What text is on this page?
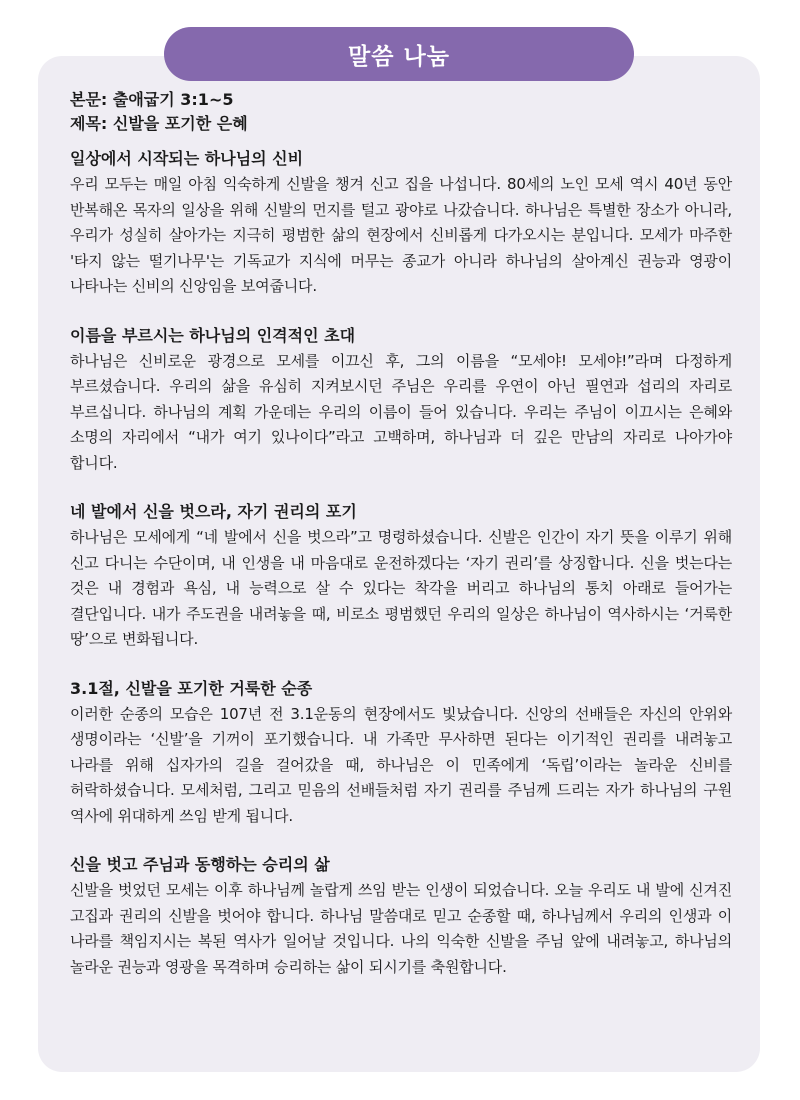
말씀 나눔

본문: 출애굽기 3:1~5

제목: 신발을 포기한 은혜

일상에서 시작되는 하나님의 신비

우리 모두는 매일 아침 익숙하게 신발을 챙겨 신고 집을 나섭니다. 80세의 노인 모세 역시 40년 동안 반복해온 목자의 일상을 위해 신발의 먼지를 털고 광야로 나갔습니다. 하나님은 특별한 장소가 아니라, 우리가 성실히 살아가는 지극히 평범한 삶의 현장에서 신비롭게 다가오시는 분입니다. 모세가 마주한 '타지 않는 떨기나무'는 기독교가 지식에 머무는 종교가 아니라 하나님의 살아계신 권능과 영광이 나타나는 신비의 신앙임을 보여줍니다.

이름을 부르시는 하나님의 인격적인 초대

하나님은 신비로운 광경으로 모세를 이끄신 후, 그의 이름을 “모세야! 모세야!”라며 다정하게 부르셨습니다. 우리의 삶을 유심히 지켜보시던 주님은 우리를 우연이 아닌 필연과 섭리의 자리로 부르십니다. 하나님의 계획 가운데는 우리의 이름이 들어 있습니다. 우리는 주님이 이끄시는 은혜와 소명의 자리에서 “내가 여기 있나이다”라고 고백하며, 하나님과 더 깊은 만남의 자리로 나아가야 합니다.

네 발에서 신을 벗으라, 자기 권리의 포기

하나님은 모세에게 “네 발에서 신을 벗으라”고 명령하셨습니다. 신발은 인간이 자기 뜻을 이루기 위해 신고 다니는 수단이며, 내 인생을 내 마음대로 운전하겠다는 ‘자기 권리’를 상징합니다. 신을 벗는다는 것은 내 경험과 욕심, 내 능력으로 살 수 있다는 착각을 버리고 하나님의 통치 아래로 들어가는 결단입니다. 내가 주도권을 내려놓을 때, 비로소 평범했던 우리의 일상은 하나님이 역사하시는 ‘거룩한 땅’으로 변화됩니다.

3.1절, 신발을 포기한 거룩한 순종

이러한 순종의 모습은 107년 전 3.1운동의 현장에서도 빛났습니다. 신앙의 선배들은 자신의 안위와 생명이라는 ‘신발’을 기꺼이 포기했습니다. 내 가족만 무사하면 된다는 이기적인 권리를 내려놓고 나라를 위해 십자가의 길을 걸어갔을 때, 하나님은 이 민족에게 ‘독립’이라는 놀라운 신비를 허락하셨습니다. 모세처럼, 그리고 믿음의 선배들처럼 자기 권리를 주님께 드리는 자가 하나님의 구원 역사에 위대하게 쓰임 받게 됩니다.

신을 벗고 주님과 동행하는 승리의 삶

신발을 벗었던 모세는 이후 하나님께 놀랍게 쓰임 받는 인생이 되었습니다. 오늘 우리도 내 발에 신겨진 고집과 권리의 신발을 벗어야 합니다. 하나님 말씀대로 믿고 순종할 때, 하나님께서 우리의 인생과 이 나라를 책임지시는 복된 역사가 일어날 것입니다. 나의 익숙한 신발을 주님 앞에 내려놓고, 하나님의 놀라운 권능과 영광을 목격하며 승리하는 삶이 되시기를 축원합니다.
